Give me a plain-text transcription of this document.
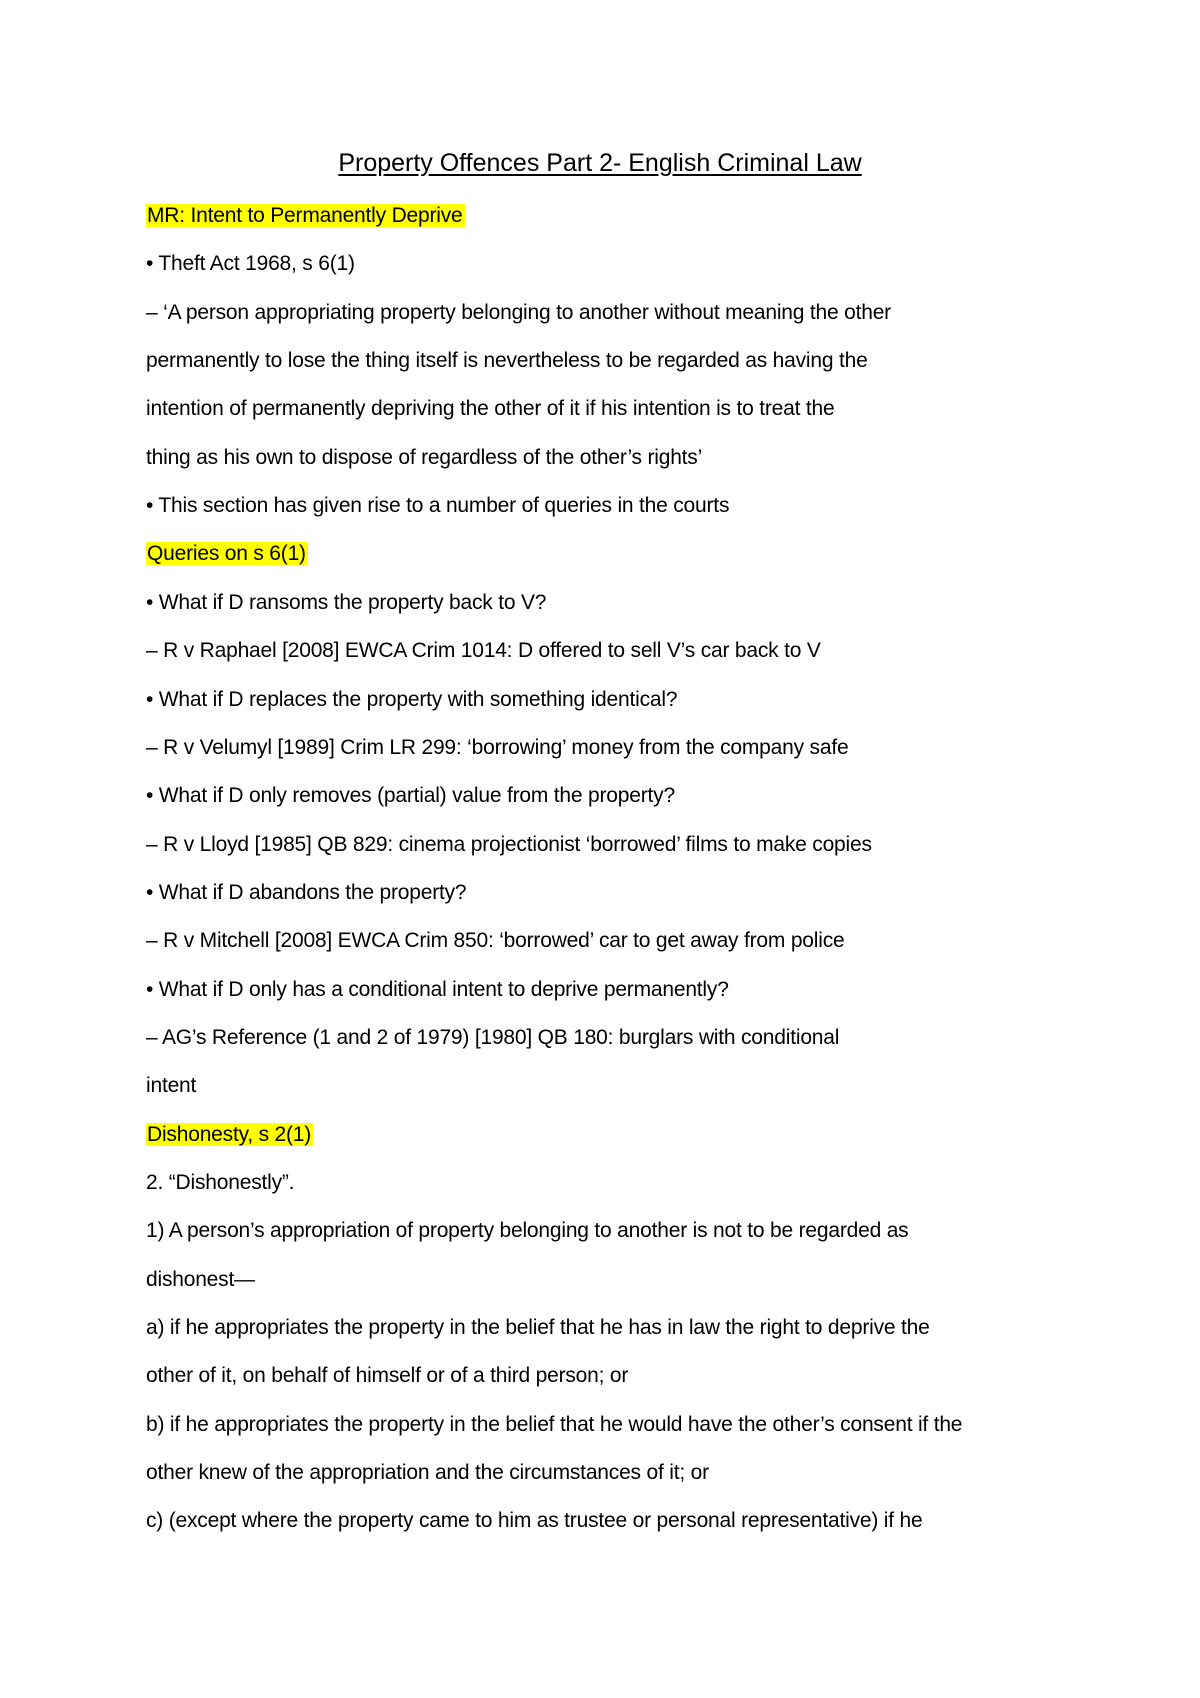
Property Offences Part 2- English Criminal Law
MR: Intent to Permanently Deprive
• Theft Act 1968, s 6(1)
– ‘A person appropriating property belonging to another without meaning the other
permanently to lose the thing itself is nevertheless to be regarded as having the
intention of permanently depriving the other of it if his intention is to treat the
thing as his own to dispose of regardless of the other’s rights’
• This section has given rise to a number of queries in the courts
Queries on s 6(1)
• What if D ransoms the property back to V?
– R v Raphael [2008] EWCA Crim 1014: D offered to sell V’s car back to V
• What if D replaces the property with something identical?
– R v Velumyl [1989] Crim LR 299: ‘borrowing’ money from the company safe
• What if D only removes (partial) value from the property?
– R v Lloyd [1985] QB 829: cinema projectionist ‘borrowed’ films to make copies
• What if D abandons the property?
– R v Mitchell [2008] EWCA Crim 850: ‘borrowed’ car to get away from police
• What if D only has a conditional intent to deprive permanently?
– AG’s Reference (1 and 2 of 1979) [1980] QB 180: burglars with conditional
intent
Dishonesty, s 2(1)
2. “Dishonestly”.
1) A person’s appropriation of property belonging to another is not to be regarded as
dishonest—
a) if he appropriates the property in the belief that he has in law the right to deprive the
other of it, on behalf of himself or of a third person; or
b) if he appropriates the property in the belief that he would have the other’s consent if the
other knew of the appropriation and the circumstances of it; or
c) (except where the property came to him as trustee or personal representative) if he
